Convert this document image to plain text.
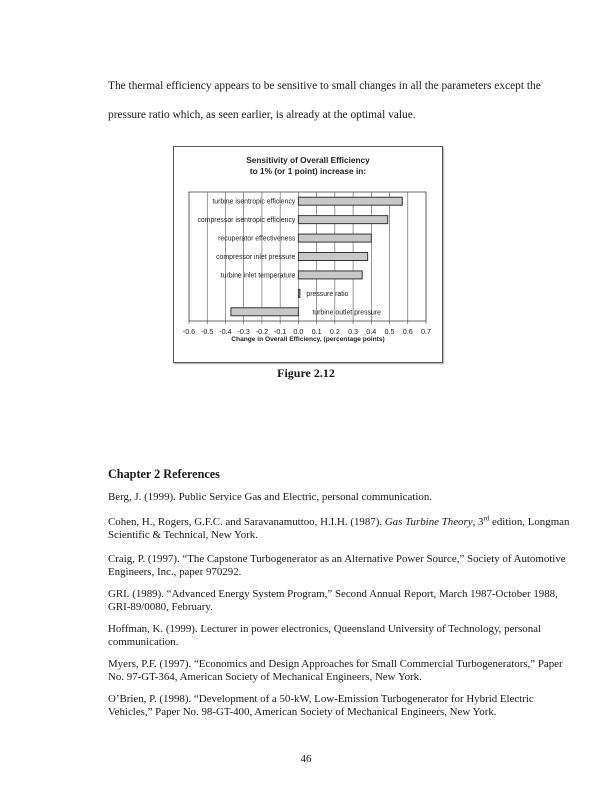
The thermal efficiency appears to be sensitive to small changes in all the parameters except the
pressure ratio which, as seen earlier, is already at the optimal value.
Sensitivity of Overall Efficiency
to 1% (or 1 point) increase in:
turbine isentropic efficiency
compressor isentropic efficiency
recuperator effectiveness
compressor inlet pressure
turbine inlet temperature
pressure ratio
turbine outlet pressure
-0.6 -0.5 -0.4 -0.3 -0.2 -0.1 0.0 0.1 0.2 0.3 0.4 0.5 0.6 0.7
Change in Overall Efficiency, (percentage points)
Figure 2.12
Chapter 2 References
Berg, J. (1999). Public Service Gas and Electric, personal communication.
Cohen, H., Rogers, G.F.C. and Saravanamuttoo, H.I.H. (1987). Gas Turbine Theory, 3rd edition, Longman
Scientific & Technical, New York.
Craig, P. (1997). “The Capstone Turbogenerator as an Alternative Power Source,” Society of Automotive
Engineers, Inc., paper 970292.
GRI. (1989). “Advanced Energy System Program,” Second Annual Report, March 1987-October 1988,
GRI-89/0080, February.
Hoffman, K. (1999). Lecturer in power electronics, Queensland University of Technology, personal
communication.
Myers, P.F. (1997). “Economics and Design Approaches for Small Commercial Turbogenerators,” Paper
No. 97-GT-364, American Society of Mechanical Engineers, New York.
O’Brien, P. (1998). “Development of a 50-kW, Low-Emission Turbogenerator for Hybrid Electric
Vehicles,” Paper No. 98-GT-400, American Society of Mechanical Engineers, New York.
46
